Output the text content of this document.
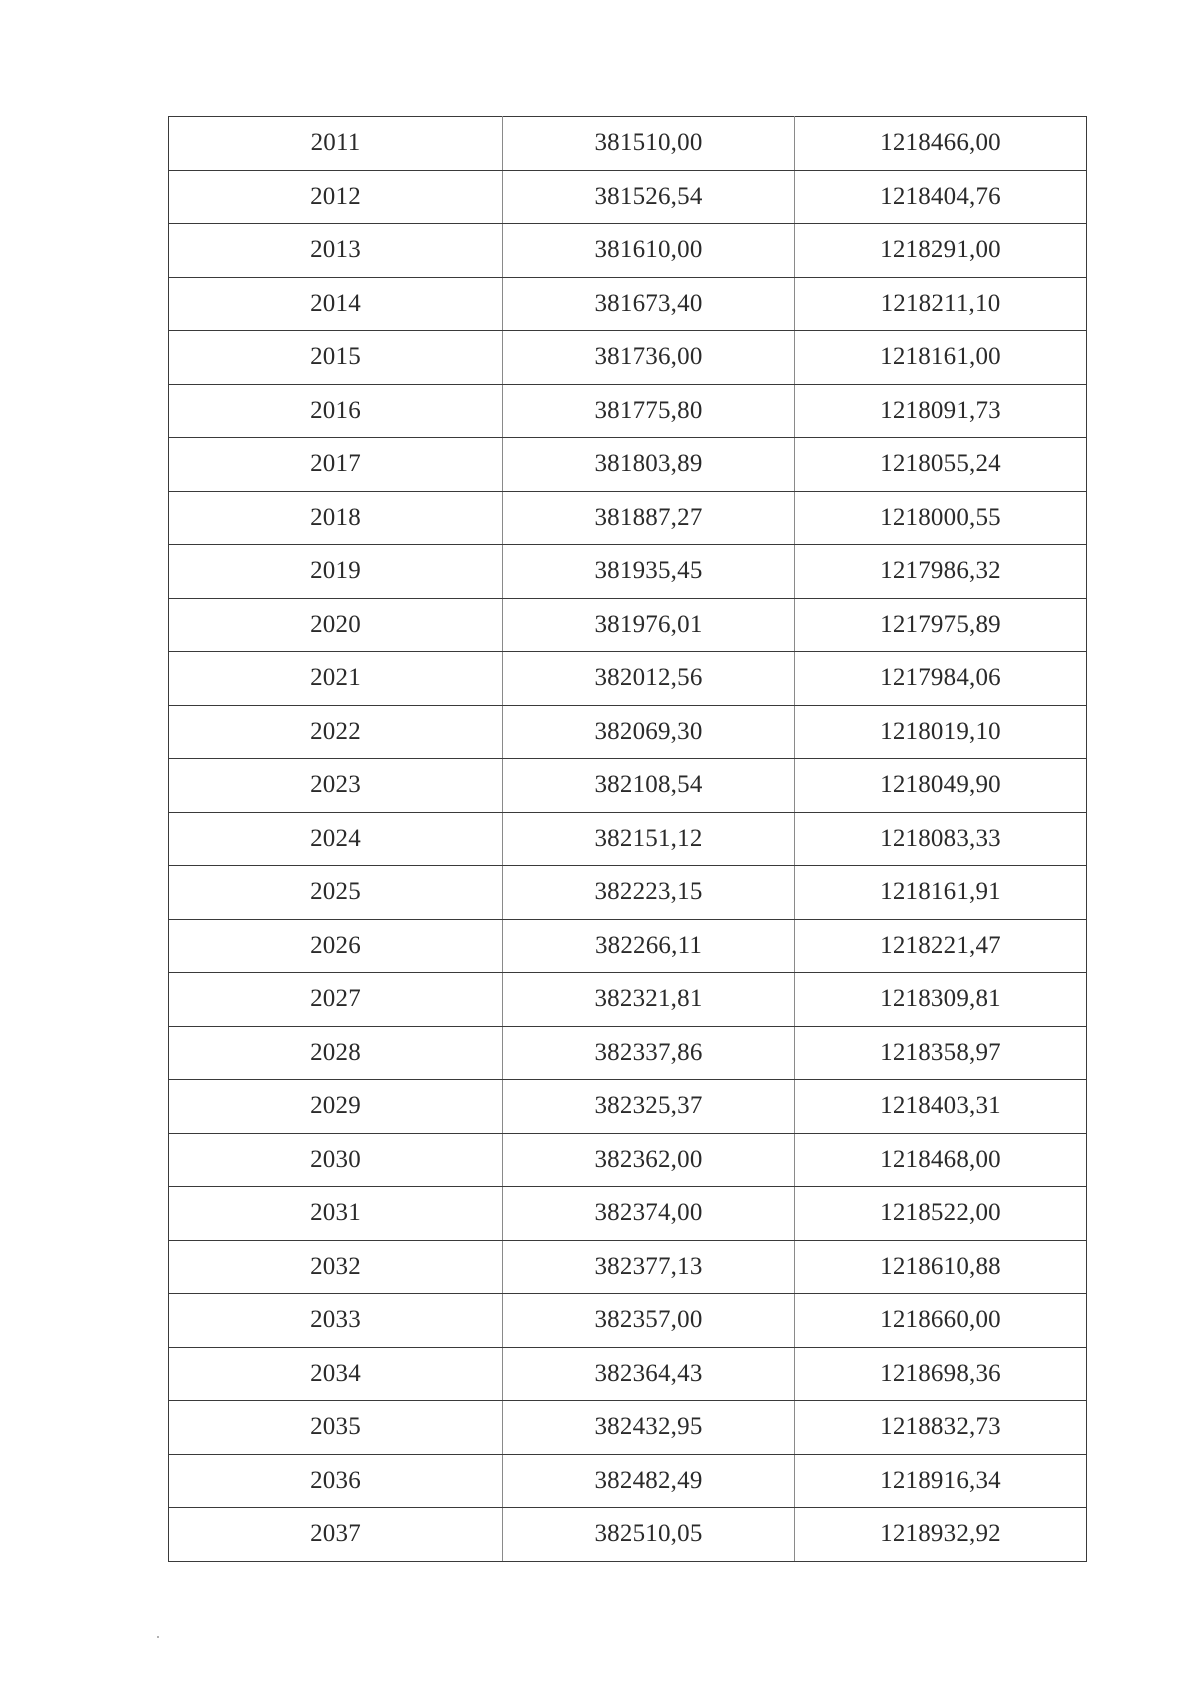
2011	381510,00	1218466,00
2012	381526,54	1218404,76
2013	381610,00	1218291,00
2014	381673,40	1218211,10
2015	381736,00	1218161,00
2016	381775,80	1218091,73
2017	381803,89	1218055,24
2018	381887,27	1218000,55
2019	381935,45	1217986,32
2020	381976,01	1217975,89
2021	382012,56	1217984,06
2022	382069,30	1218019,10
2023	382108,54	1218049,90
2024	382151,12	1218083,33
2025	382223,15	1218161,91
2026	382266,11	1218221,47
2027	382321,81	1218309,81
2028	382337,86	1218358,97
2029	382325,37	1218403,31
2030	382362,00	1218468,00
2031	382374,00	1218522,00
2032	382377,13	1218610,88
2033	382357,00	1218660,00
2034	382364,43	1218698,36
2035	382432,95	1218832,73
2036	382482,49	1218916,34
2037	382510,05	1218932,92
